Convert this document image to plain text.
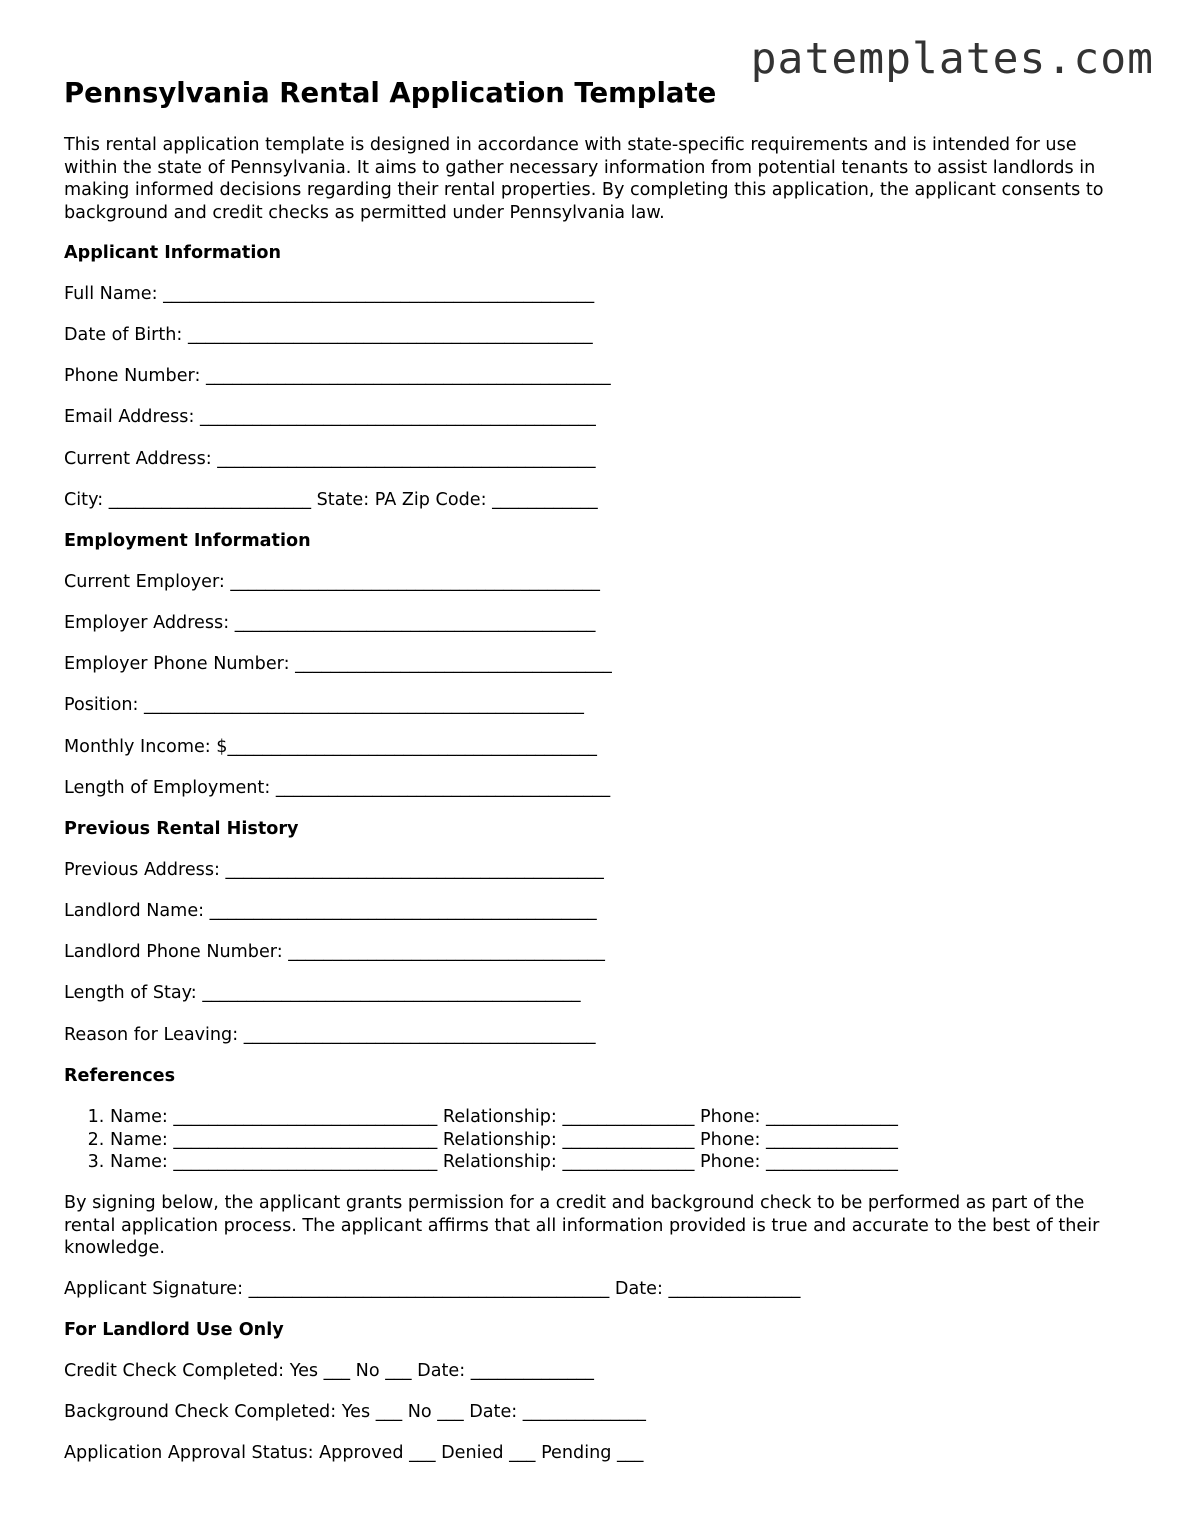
patemplates.com
Pennsylvania Rental Application Template

This rental application template is designed in accordance with state-specific requirements and is intended for use within the state of Pennsylvania. It aims to gather necessary information from potential tenants to assist landlords in making informed decisions regarding their rental properties. By completing this application, the applicant consents to background and credit checks as permitted under Pennsylvania law.

Applicant Information
Full Name: _________________________________________________
Date of Birth: ______________________________________________
Phone Number: ______________________________________________
Email Address: _____________________________________________
Current Address: ___________________________________________
City: _______________________ State: PA Zip Code: ____________
Employment Information
Current Employer: __________________________________________
Employer Address: _________________________________________
Employer Phone Number: ____________________________________
Position: __________________________________________________
Monthly Income: $__________________________________________
Length of Employment: ______________________________________
Previous Rental History
Previous Address: ___________________________________________
Landlord Name: ____________________________________________
Landlord Phone Number: ____________________________________
Length of Stay: ___________________________________________
Reason for Leaving: ________________________________________
References
1. Name: ______________________________ Relationship: _______________ Phone: _______________
2. Name: ______________________________ Relationship: _______________ Phone: _______________
3. Name: ______________________________ Relationship: _______________ Phone: _______________

By signing below, the applicant grants permission for a credit and background check to be performed as part of the rental application process. The applicant affirms that all information provided is true and accurate to the best of their knowledge.

Applicant Signature: _________________________________________ Date: _______________
For Landlord Use Only
Credit Check Completed: Yes ___ No ___ Date: ______________
Background Check Completed: Yes ___ No ___ Date: ______________
Application Approval Status: Approved ___ Denied ___ Pending ___
